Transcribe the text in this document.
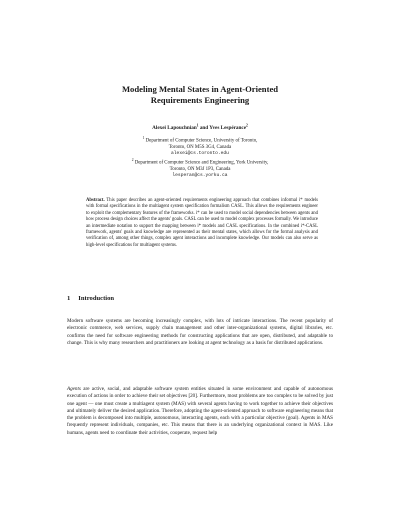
Modeling Mental States in Agent-Oriented
Requirements Engineering
Alexei Lapouchnian$^1$ and Yves Lespérance$^2$
$^1$ Department of Computer Science, University of Toronto,
Toronto, ON M5S 3G4, Canada
alexei@cs.toronto.edu
$^2$ Department of Computer Science and Engineering, York University,
Toronto, ON M3J 1P3, Canada
lesperan@cs.yorku.ca
Abstract. This paper describes an agent-oriented requirements engineering approach that combines informal i* models with formal specifications in the multiagent system specification formalism CASL. This allows the requirements engineer to exploit the complementary features of the frameworks. i* can be used to model social dependencies between agents and how process design choices affect the agents' goals. CASL can be used to model complex processes formally. We introduce an intermediate notation to support the mapping between i* models and CASL specifications. In the combined i*-CASL framework, agents' goals and knowledge are represented as their mental states, which allows for the formal analysis and verification of, among other things, complex agent interactions and incomplete knowledge. Our models can also serve as high-level specifications for multiagent systems.
1 Introduction
Modern software systems are becoming increasingly complex, with lots of intricate interactions. The recent popularity of electronic commerce, web services, supply chain management and other inter-organizational systems, digital libraries, etc. confirms the need for software engineering methods for constructing applications that are open, distributed, and adaptable to change. This is why many researchers and practitioners are looking at agent technology as a basis for distributed applications.
Agents are active, social, and adaptable software system entities situated in some environment and capable of autonomous execution of actions in order to achieve their set objectives [20]. Furthermore, most problems are too complex to be solved by just one agent — one must create a multiagent system (MAS) with several agents having to work together to achieve their objectives and ultimately deliver the desired application. Therefore, adopting the agent-oriented approach to software engineering means that the problem is decomposed into multiple, autonomous, interacting agents, each with a particular objective (goal). Agents in MAS frequently represent individuals, companies, etc. This means that there is an underlying organizational context in MAS. Like humans, agents need to coordinate their activities, cooperate, request help
